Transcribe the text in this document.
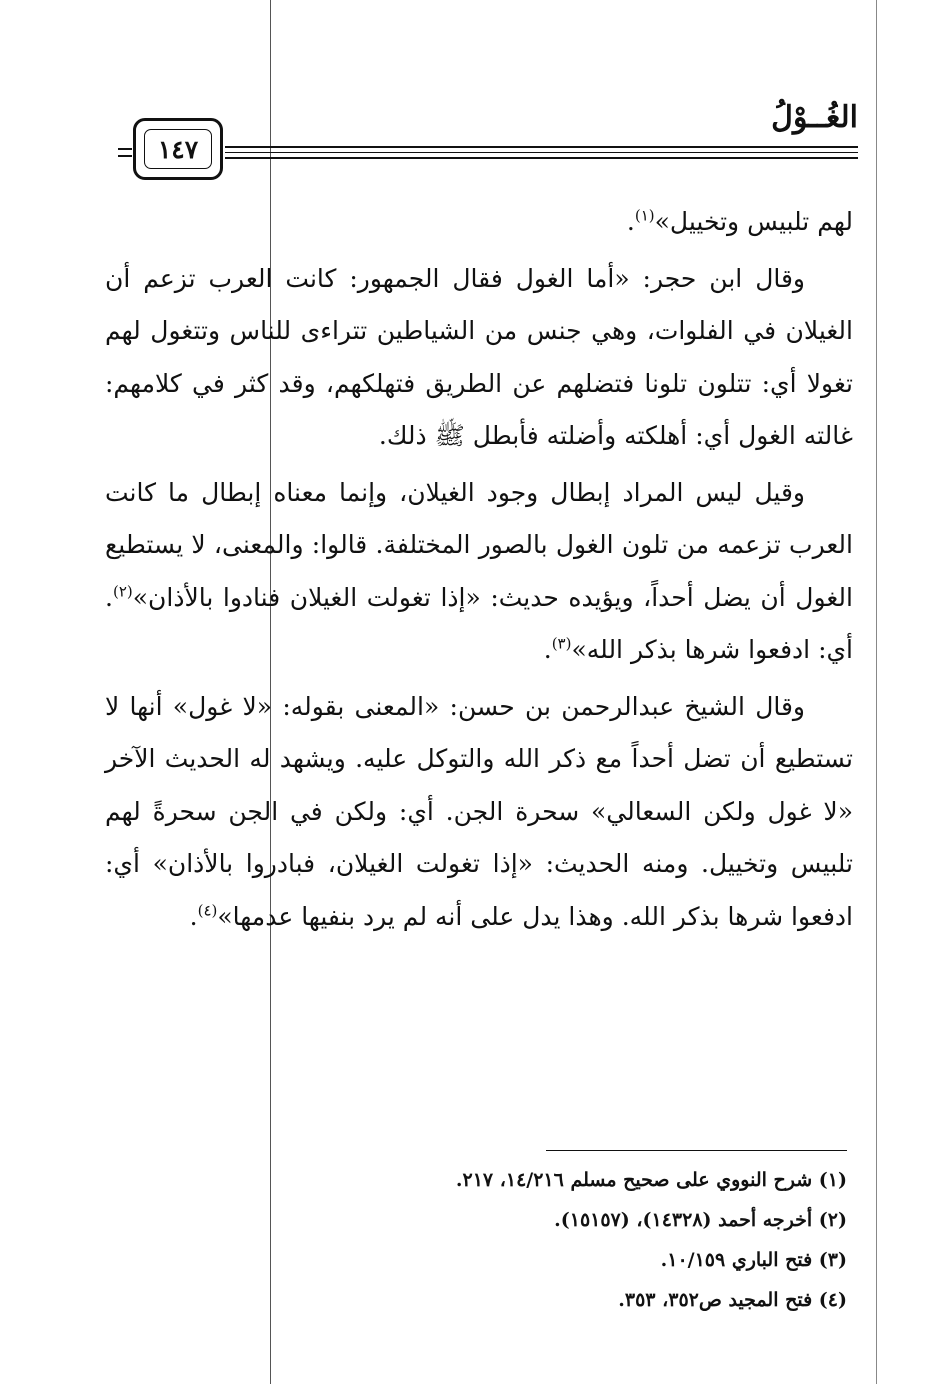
الغُــوْلُ
١٤٧

لهم تلبيس وتخييل»$^{(١)}$.

وقال ابن حجر: «أما الغول فقال الجمهور: كانت العرب تزعم أن الغيلان في الفلوات، وهي جنس من الشياطين تتراءى للناس وتتغول لهم تغولا أي: تتلون تلونا فتضلهم عن الطريق فتهلكهم، وقد كثر في كلامهم: غالته الغول أي: أهلكته وأضلته فأبطل ﷺ ذلك.

وقيل ليس المراد إبطال وجود الغيلان، وإنما معناه إبطال ما كانت العرب تزعمه من تلون الغول بالصور المختلفة. قالوا: والمعنى، لا يستطيع الغول أن يضل أحداً، ويؤيده حديث: «إذا تغولت الغيلان فنادوا بالأذان»$^{(٢)}$. أي: ادفعوا شرها بذكر الله»$^{(٣)}$.

وقال الشيخ عبدالرحمن بن حسن: «المعنى بقوله: «لا غول» أنها لا تستطيع أن تضل أحداً مع ذكر الله والتوكل عليه. ويشهد له الحديث الآخر «لا غول ولكن السعالي» سحرة الجن. أي: ولكن في الجن سحرةً لهم تلبيس وتخييل. ومنه الحديث: «إذا تغولت الغيلان، فبادروا بالأذان» أي: ادفعوا شرها بذكر الله. وهذا يدل على أنه لم يرد بنفيها عدمها»$^{(٤)}$.

(١) شرح النووي على صحيح مسلم ١٤/٢١٦، ٢١٧.
(٢) أخرجه أحمد (١٤٣٢٨)، (١٥١٥٧).
(٣) فتح الباري ١٠/١٥٩.
(٤) فتح المجيد ص٣٥٢، ٣٥٣.
